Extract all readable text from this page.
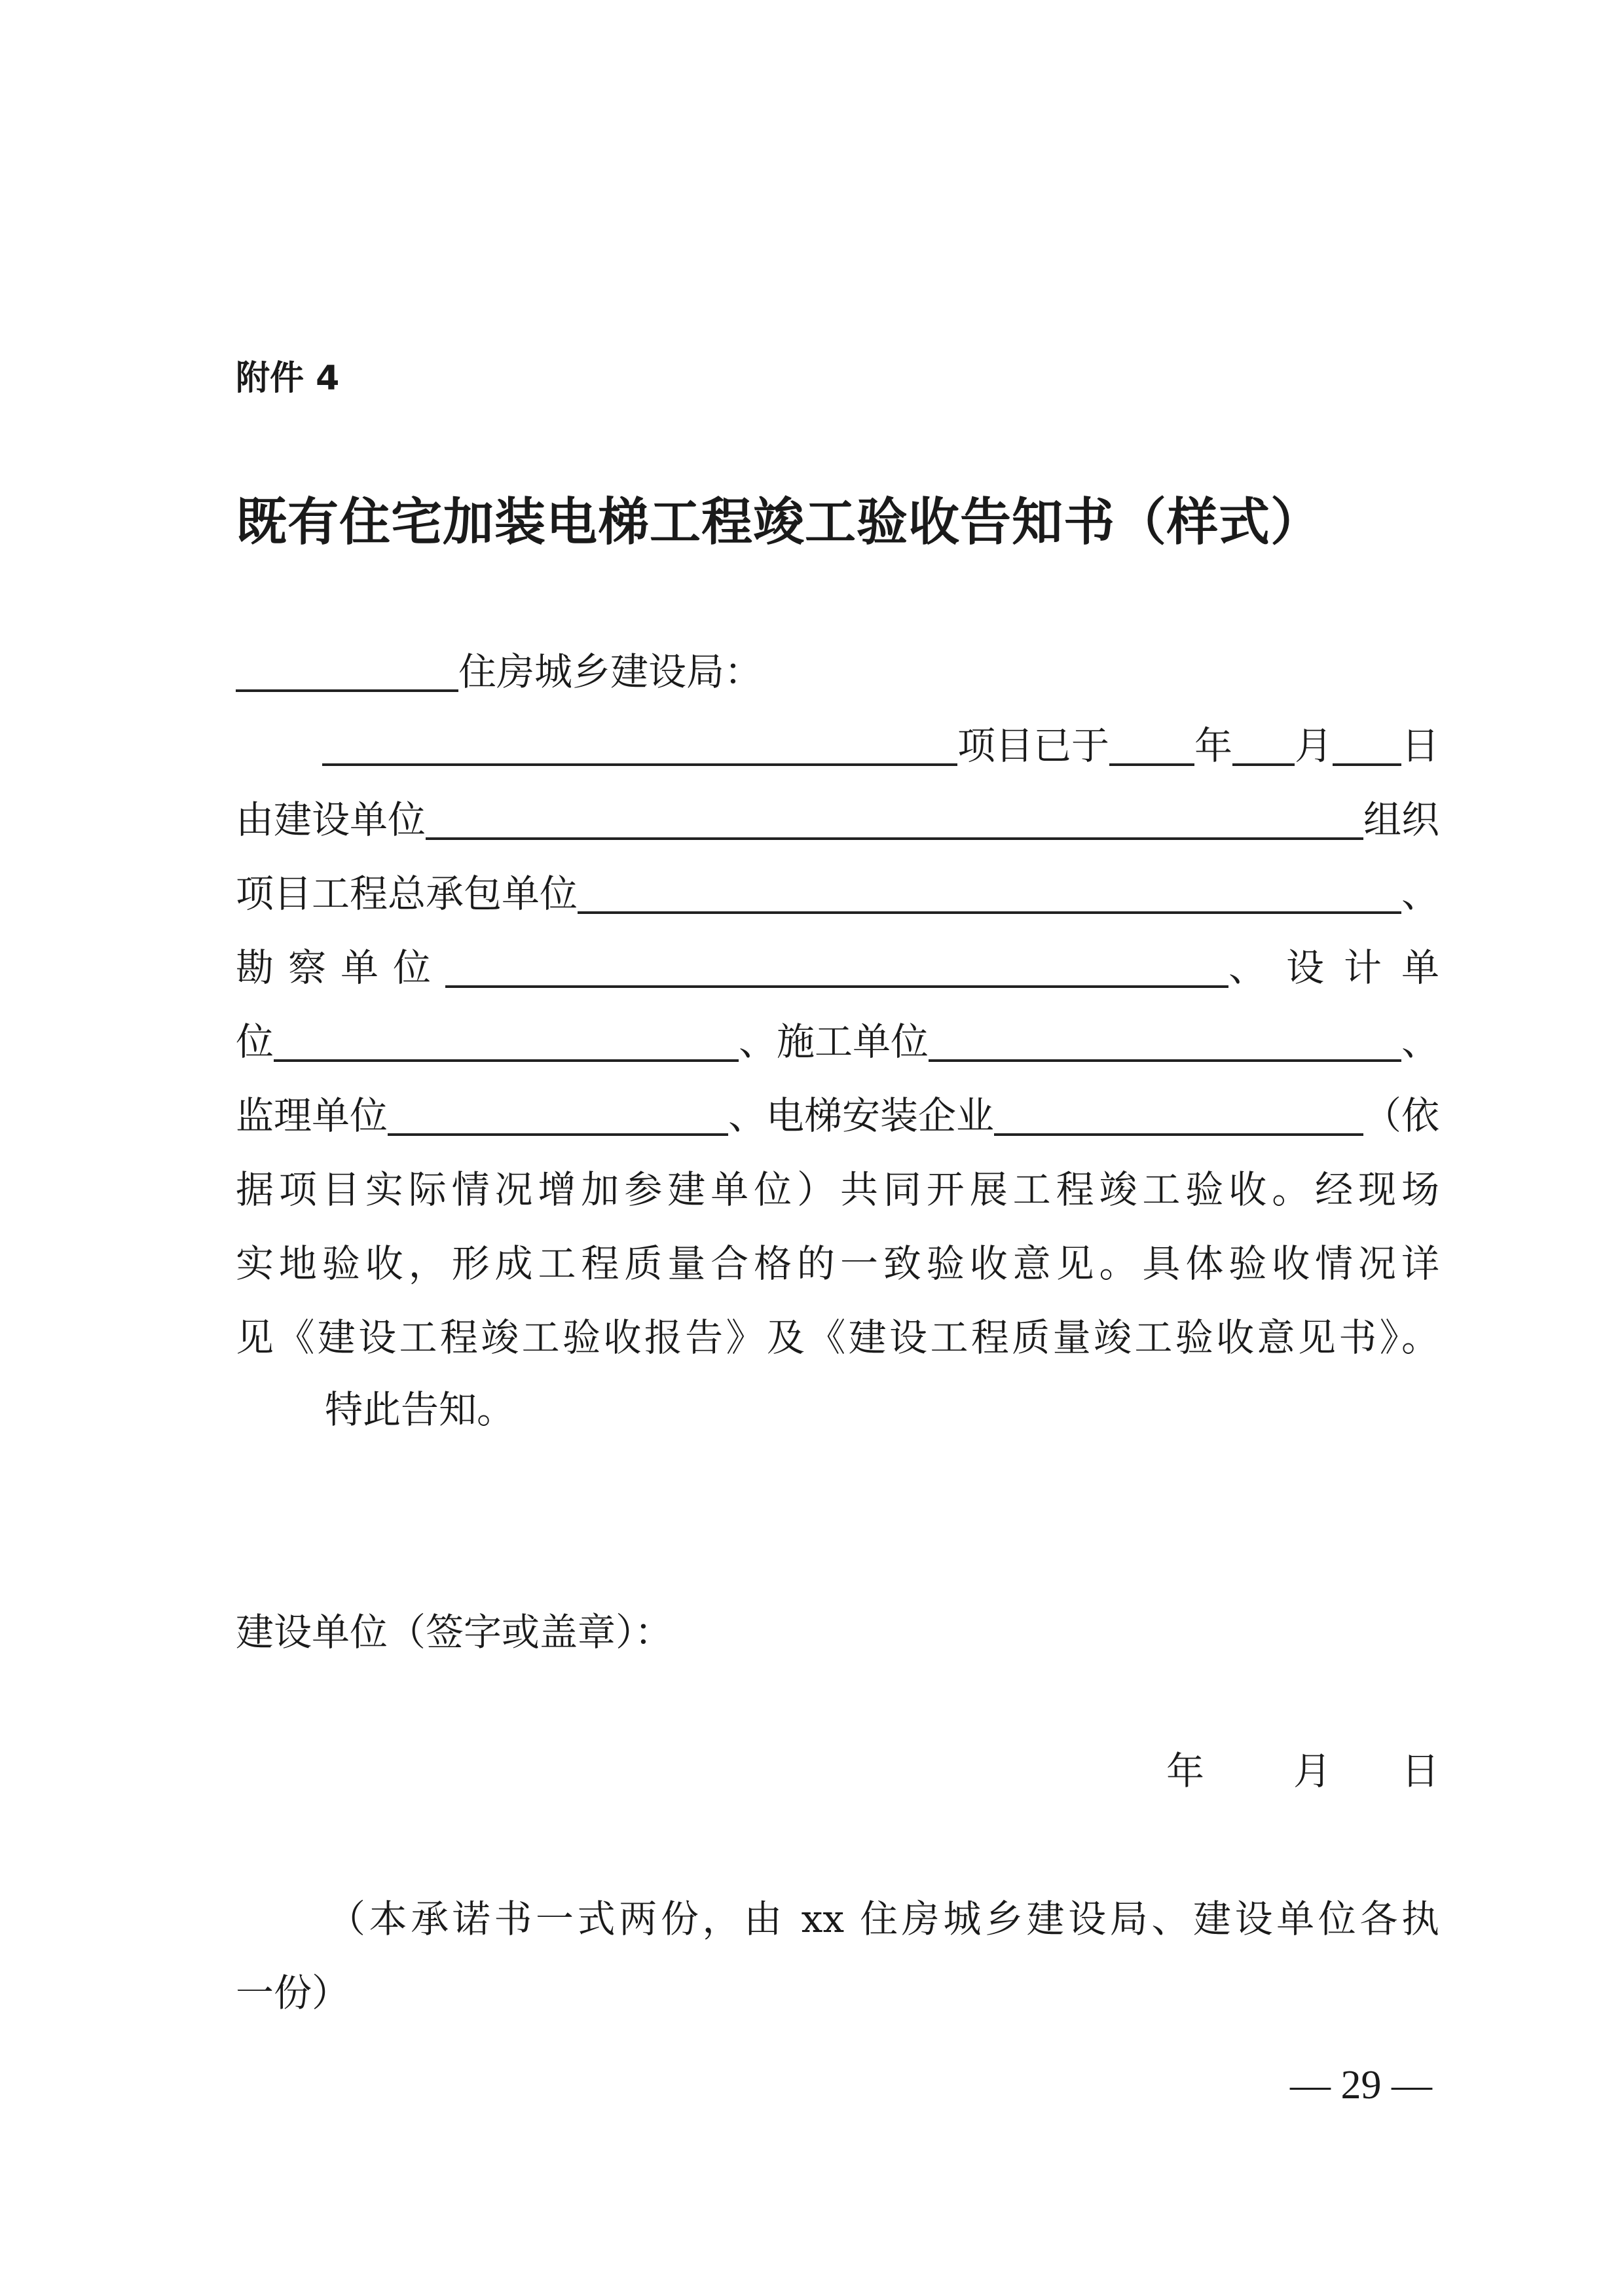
附件 4
既有住宅加装电梯工程竣工验收告知书（样式）
住房城乡建设局：
项目已于 年 月 日
由建设单位	组织
项目工程总承包单位	、
勘察单位	、设计单
位	、施工单位	、
监理单位	、电梯安装企业	（依
据项目实际情况增加参建单位）共同开展工程竣工验收。经现场
实地验收，形成工程质量合格的一致验收意见。具体验收情况详
见《建设工程竣工验收报告》及《建设工程质量竣工验收意见书》。
特此告知。
建设单位（签字或盖章）：
年 月 日
（本承诺书一式两份，由 xx 住房城乡建设局、建设单位各执
一份）
— 29 —
